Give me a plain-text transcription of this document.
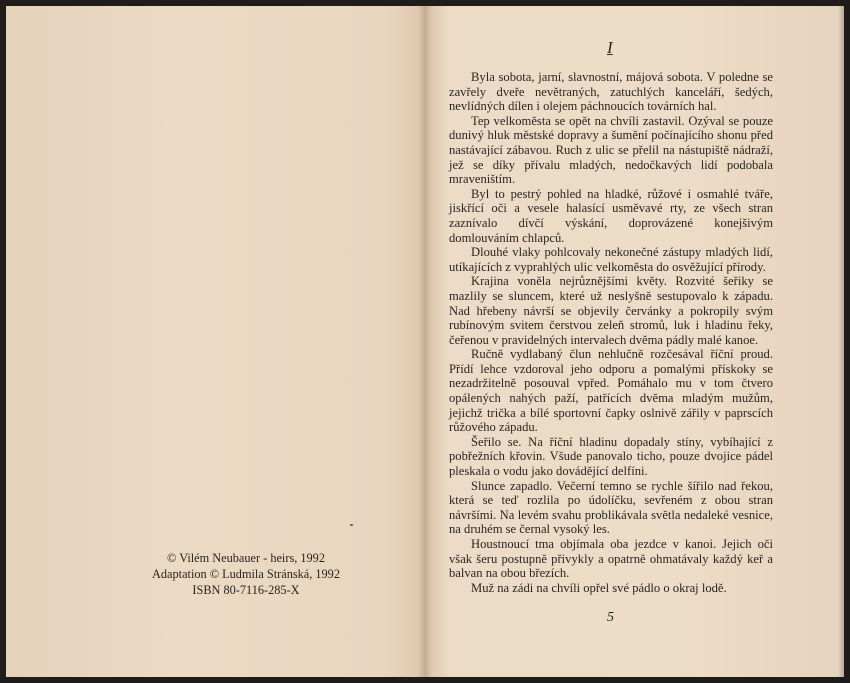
© Vilém Neubauer - heirs, 1992
Adaptation © Ludmila Stránská, 1992
ISBN 80-7116-285-X
I

Byla sobota, jarní, slavnostní, májová sobota. V poledne se zavřely dveře nevětraných, zatuchlých kanceláří, šedých, nevlídných dílen i olejem páchnoucích továrních hal.

Tep velkoměsta se opět na chvíli zastavil. Ozýval se pouze dunivý hluk městské dopravy a šumění počínajícího shonu před nastávající zábavou. Ruch z ulic se přelil na nástupiště nádraží, jež se díky přívalu mladých, nedočkavých lidí podobala mraveništím.

Byl to pestrý pohled na hladké, růžové i osmahlé tváře, jiskřící oči a vesele halasící usměvavé rty, ze všech stran zaznívalo dívčí výskání, doprovázené konejšivým domlouváním chlapců.

Dlouhé vlaky pohlcovaly nekonečné zástupy mladých lidí, utíkajících z vyprahlých ulic velkoměsta do osvěžující přírody.

Krajina voněla nejrůznějšími květy. Rozvité šeřiky se mazlily se sluncem, které už neslyšně sestupovalo k západu. Nad hřebeny návrší se objevily červánky a pokropily svým rubínovým svitem čerstvou zeleň stromů, luk i hladinu řeky, čeřenou v pravidelných intervalech dvěma pádly malé kanoe.

Ručně vydlabaný člun nehlučně rozčesával říční proud. Přídí lehce vzdoroval jeho odporu a pomalými přískoky se nezadržitelně posouval vpřed. Pomáhalo mu v tom čtvero opálených nahých paží, patřících dvěma mladým mužům, jejichž trička a bílé sportovní čapky oslnivě zářily v paprscích růžového západu.

Šeřilo se. Na říční hladinu dopadaly stíny, vybíhající z pobřežních křovin. Všude panovalo ticho, pouze dvojice pádel pleskala o vodu jako dovádějící delfíni.

Slunce zapadlo. Večerní temno se rychle šířilo nad řekou, která se teď rozlila po údolíčku, sevřeném z obou stran návršími. Na levém svahu problikávala světla nedaleké vesnice, na druhém se černal vysoký les.

Houstnoucí tma objímala oba jezdce v kanoi. Jejich oči však šeru postupně přivykly a opatrně ohmatávaly každý keř a balvan na obou březích.

Muž na zádi na chvíli opřel své pádlo o okraj lodě.

5
